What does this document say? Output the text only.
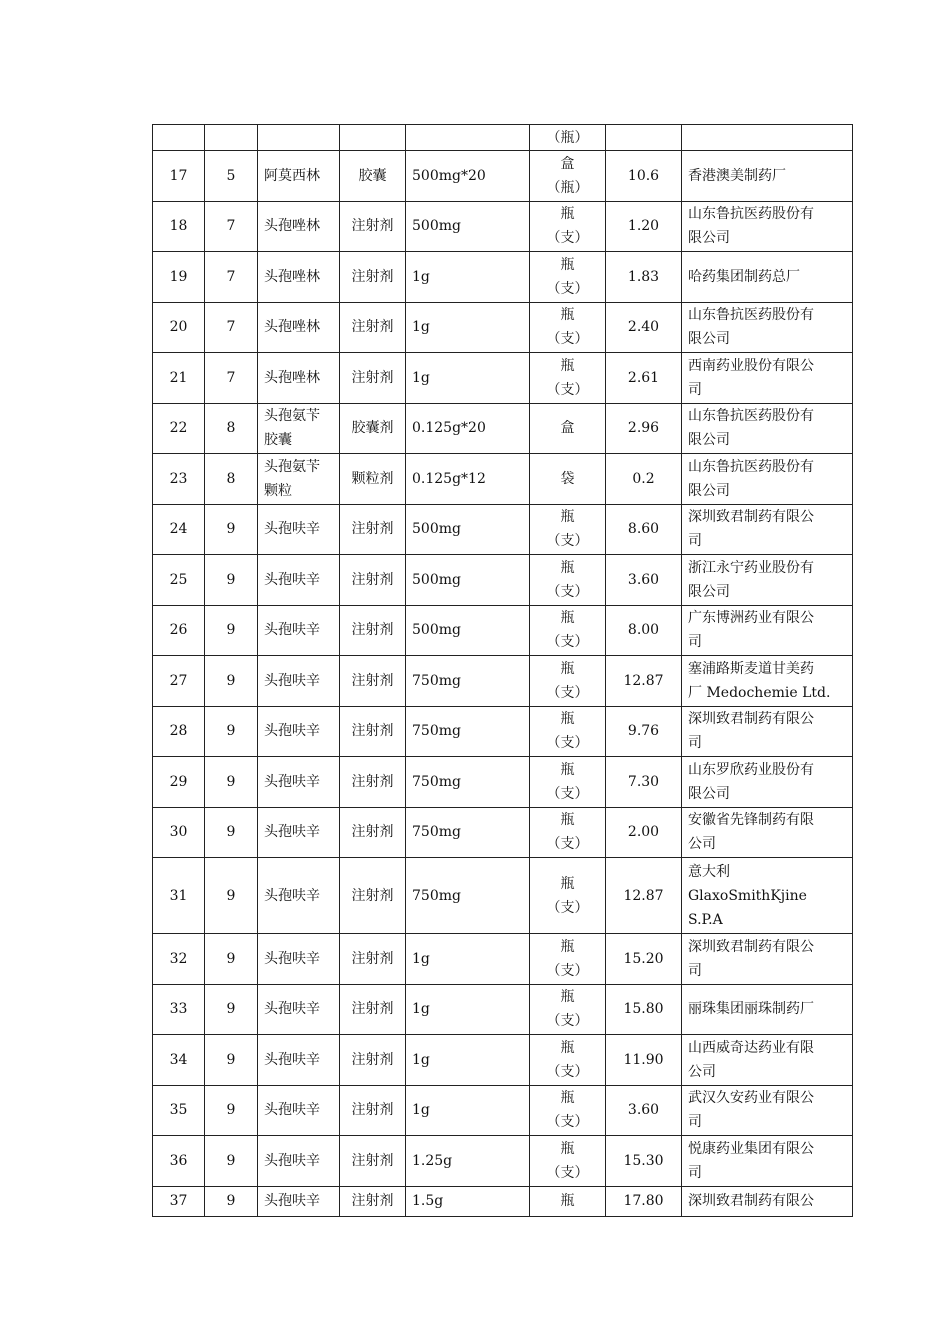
					（瓶）		

17	5	阿莫西林	胶囊	500mg*20	盒
（瓶）	10.6	香港澳美制药厂

18	7	头孢唑林	注射剂	500mg	瓶
（支）	1.20	山东鲁抗医药股份有
限公司

19	7	头孢唑林	注射剂	1g	瓶
（支）	1.83	哈药集团制药总厂

20	7	头孢唑林	注射剂	1g	瓶
（支）	2.40	山东鲁抗医药股份有
限公司

21	7	头孢唑林	注射剂	1g	瓶
（支）	2.61	西南药业股份有限公
司

22	8	头孢氨苄
胶囊	胶囊剂	0.125g*20	盒	2.96	山东鲁抗医药股份有
限公司

23	8	头孢氨苄
颗粒	颗粒剂	0.125g*12	袋	0.2	山东鲁抗医药股份有
限公司

24	9	头孢呋辛	注射剂	500mg	瓶
（支）	8.60	深圳致君制药有限公
司

25	9	头孢呋辛	注射剂	500mg	瓶
（支）	3.60	浙江永宁药业股份有
限公司

26	9	头孢呋辛	注射剂	500mg	瓶
（支）	8.00	广东博洲药业有限公
司

27	9	头孢呋辛	注射剂	750mg	瓶
（支）	12.87	塞浦路斯麦道甘美药
厂 Medochemie Ltd.

28	9	头孢呋辛	注射剂	750mg	瓶
（支）	9.76	深圳致君制药有限公
司

29	9	头孢呋辛	注射剂	750mg	瓶
（支）	7.30	山东罗欣药业股份有
限公司

30	9	头孢呋辛	注射剂	750mg	瓶
（支）	2.00	安徽省先锋制药有限
公司

31	9	头孢呋辛	注射剂	750mg	瓶
（支）	12.87	意大利
GlaxoSmithKjine
S.P.A

32	9	头孢呋辛	注射剂	1g	瓶
（支）	15.20	深圳致君制药有限公
司

33	9	头孢呋辛	注射剂	1g	瓶
（支）	15.80	丽珠集团丽珠制药厂

34	9	头孢呋辛	注射剂	1g	瓶
（支）	11.90	山西威奇达药业有限
公司

35	9	头孢呋辛	注射剂	1g	瓶
（支）	3.60	武汉久安药业有限公
司

36	9	头孢呋辛	注射剂	1.25g	瓶
（支）	15.30	悦康药业集团有限公
司

37	9	头孢呋辛	注射剂	1.5g	瓶	17.80	深圳致君制药有限公
